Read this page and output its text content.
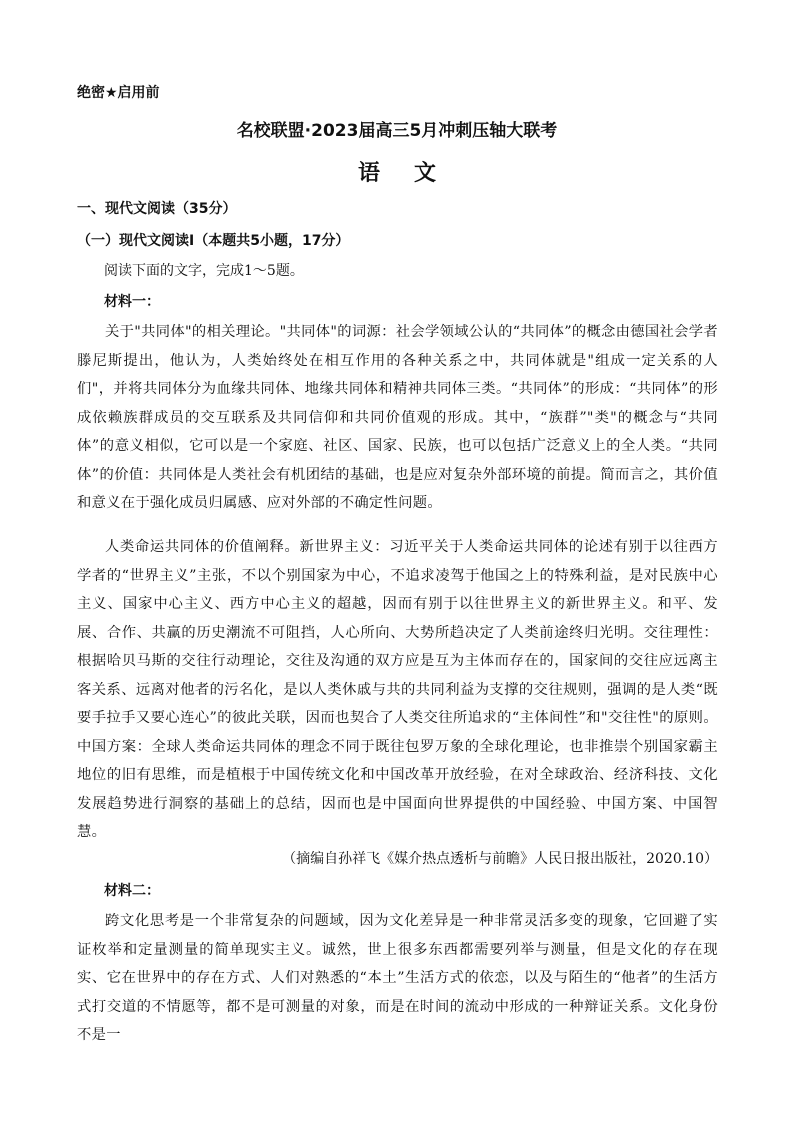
绝密★启用前
名校联盟·2023届高三5月冲刺压轴大联考
语文
一、现代文阅读（35分）
（一）现代文阅读Ⅰ（本题共5小题，17分）
阅读下面的文字，完成1～5题。
材料一：

关于"共同体"的相关理论。"共同体"的词源：社会学领域公认的“共同体”的概念由德国社会学者滕尼斯提出，他认为，人类始终处在相互作用的各种关系之中，共同体就是"组成一定关系的人们"，并将共同体分为血缘共同体、地缘共同体和精神共同体三类。“共同体”的形成：“共同体”的形成依赖族群成员的交互联系及共同信仰和共同价值观的形成。其中，“族群”"类"的概念与“共同体”的意义相似，它可以是一个家庭、社区、国家、民族，也可以包括广泛意义上的全人类。“共同体”的价值：共同体是人类社会有机团结的基础，也是应对复杂外部环境的前提。简而言之，其价值和意义在于强化成员归属感、应对外部的不确定性问题。

人类命运共同体的价值阐释。新世界主义：习近平关于人类命运共同体的论述有别于以往西方学者的“世界主义”主张，不以个别国家为中心，不追求凌驾于他国之上的特殊利益，是对民族中心主义、国家中心主义、西方中心主义的超越，因而有别于以往世界主义的新世界主义。和平、发展、合作、共赢的历史潮流不可阻挡，人心所向、大势所趋决定了人类前途终归光明。交往理性：根据哈贝马斯的交往行动理论，交往及沟通的双方应是互为主体而存在的，国家间的交往应远离主客关系、远离对他者的污名化，是以人类休戚与共的共同利益为支撑的交往规则，强调的是人类“既要手拉手又要心连心”的彼此关联，因而也契合了人类交往所追求的“主体间性”和"交往性"的原则。中国方案：全球人类命运共同体的理念不同于既往包罗万象的全球化理论，也非推崇个别国家霸主地位的旧有思维，而是植根于中国传统文化和中国改革开放经验，在对全球政治、经济科技、文化发展趋势进行洞察的基础上的总结，因而也是中国面向世界提供的中国经验、中国方案、中国智慧。

（摘编自孙祥飞《媒介热点透析与前瞻》人民日报出版社，2020.10）
材料二：

跨文化思考是一个非常复杂的问题域，因为文化差异是一种非常灵活多变的现象，它回避了实证枚举和定量测量的简单现实主义。诚然，世上很多东西都需要列举与测量，但是文化的存在现实、它在世界中的存在方式、人们对熟悉的“本土”生活方式的依恋，以及与陌生的“他者”的生活方式打交道的不情愿等，都不是可测量的对象，而是在时间的流动中形成的一种辩证关系。文化身份不是一
